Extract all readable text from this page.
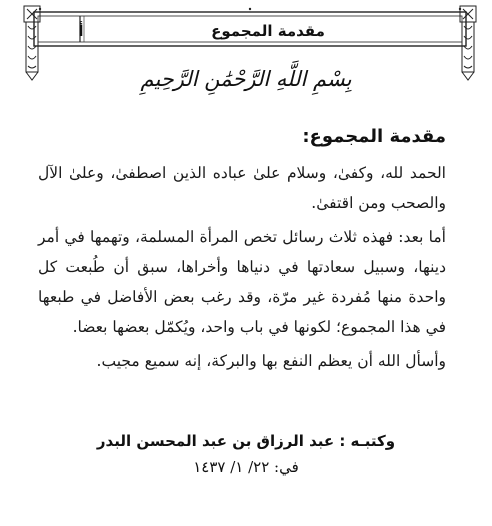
مقدمة المجموع
أ
بِسْمِ اللَّهِ الرَّحْمَٰنِ الرَّحِيمِ
مقدمة المجموع:

الحمد لله، وكفىٰ، وسلام علىٰ عباده الذين اصطفىٰ، وعلىٰ الآل والصحب ومن اقتفىٰ.

أما بعد: فهذه ثلاث رسائل تخص المرأة المسلمة، وتهمها في أمر دينها، وسبيل سعادتها في دنياها وأخراها، سبق أن طُبعت كل واحدة منها مُفردة غير مرّة، وقد رغب بعض الأفاضل في طبعها في هذا المجموع؛ لكونها في باب واحد، ويُكمّل بعضها بعضا.

وأسأل الله أن يعظم النفع بها والبركة، إنه سميع مجيب.

وكتبـه : عبد الرزاق بن عبد المحسن البدر
في: ٢٢/ ١/ ١٤٣٧
